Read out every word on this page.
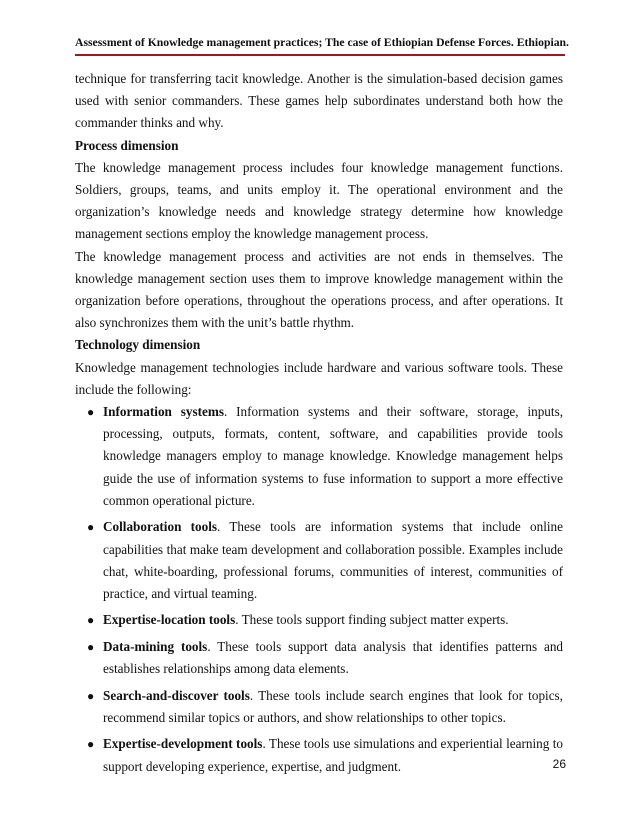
Assessment of Knowledge management practices; The case of Ethiopian Defense Forces. Ethiopian.

technique for transferring tacit knowledge. Another is the simulation-based decision games used with senior commanders. These games help subordinates understand both how the commander thinks and why.

Process dimension

The knowledge management process includes four knowledge management functions. Soldiers, groups, teams, and units employ it. The operational environment and the organization’s knowledge needs and knowledge strategy determine how knowledge management sections employ the knowledge management process.

The knowledge management process and activities are not ends in themselves. The knowledge management section uses them to improve knowledge management within the organization before operations, throughout the operations process, and after operations. It also synchronizes them with the unit’s battle rhythm.

Technology dimension

Knowledge management technologies include hardware and various software tools. These include the following:

● Information systems. Information systems and their software, storage, inputs, processing, outputs, formats, content, software, and capabilities provide tools knowledge managers employ to manage knowledge. Knowledge management helps guide the use of information systems to fuse information to support a more effective common operational picture.
● Collaboration tools. These tools are information systems that include online capabilities that make team development and collaboration possible. Examples include chat, white-boarding, professional forums, communities of interest, communities of practice, and virtual teaming.
● Expertise-location tools. These tools support finding subject matter experts.
● Data-mining tools. These tools support data analysis that identifies patterns and establishes relationships among data elements.
● Search-and-discover tools. These tools include search engines that look for topics, recommend similar topics or authors, and show relationships to other topics.
● Expertise-development tools. These tools use simulations and experiential learning to support developing experience, expertise, and judgment.	26
